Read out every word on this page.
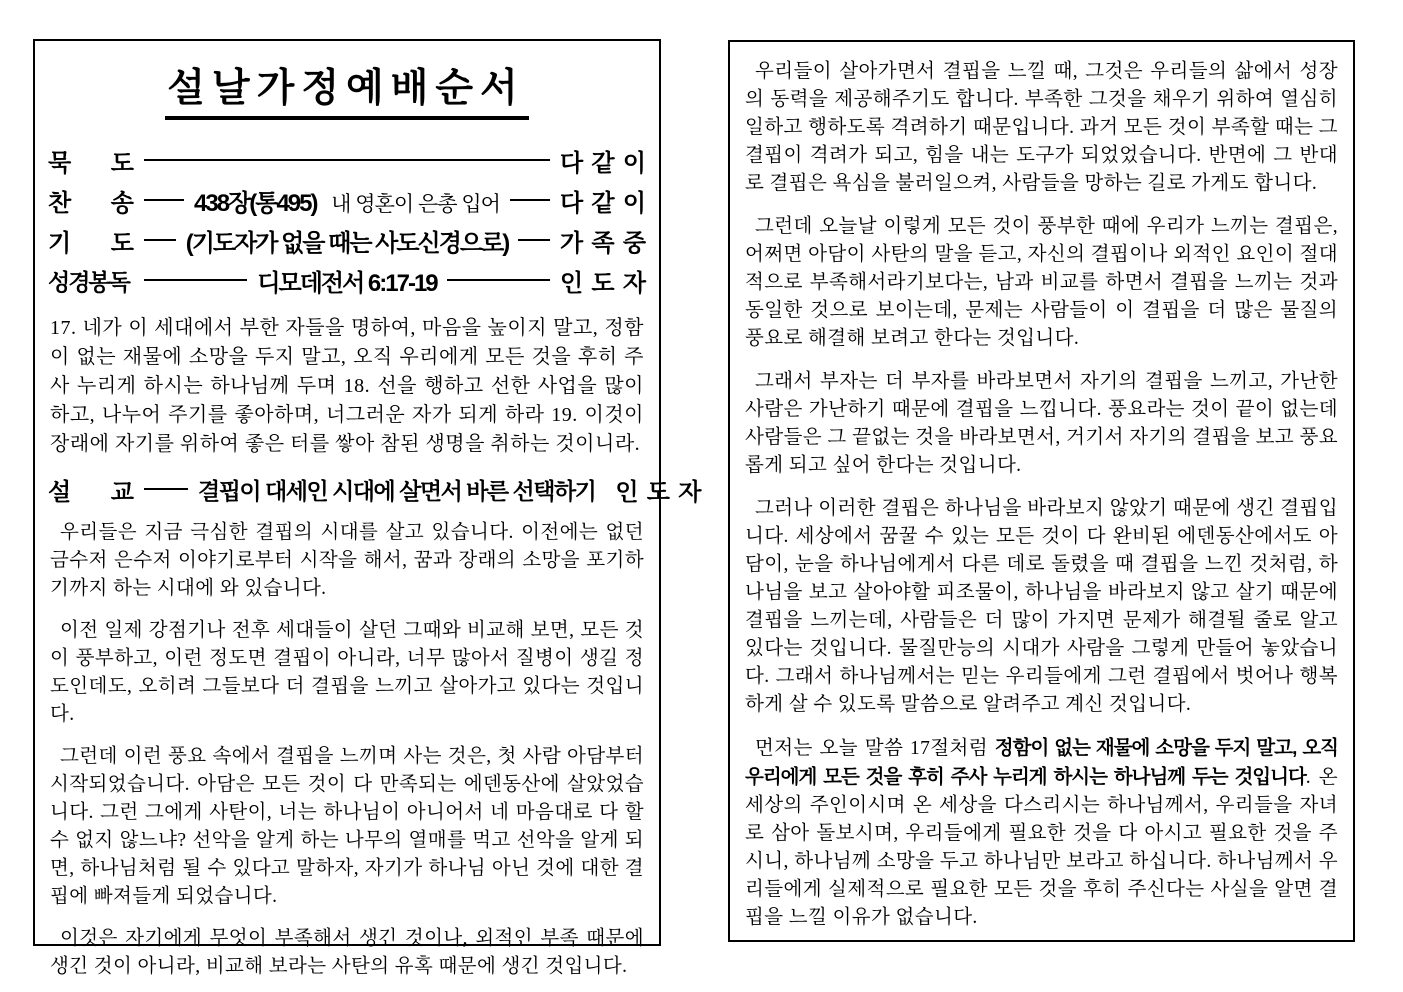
설날가정예배순서
묵 도	다 같 이
찬 송	438장(통495) 내 영혼이 은총 입어	다 같 이
기 도 (기도자가 없을 때는 사도신경으로) 가 족 중
성경봉독	디모데전서 6:17-19	인 도 자

17. 네가 이 세대에서 부한 자들을 명하여, 마음을 높이지 말고, 정함이 없는 재물에 소망을 두지 말고, 오직 우리에게 모든 것을 후히 주사 누리게 하시는 하나님께 두며 18. 선을 행하고 선한 사업을 많이 하고, 나누어 주기를 좋아하며, 너그러운 자가 되게 하라 19. 이것이 장래에 자기를 위하여 좋은 터를 쌓아 참된 생명을 취하는 것이니라.

설 교	결핍이 대세인 시대에 살면서 바른 선택하기 인 도 자

우리들은 지금 극심한 결핍의 시대를 살고 있습니다. 이전에는 없던 금수저 은수저 이야기로부터 시작을 해서, 꿈과 장래의 소망을 포기하기까지 하는 시대에 와 있습니다.

이전 일제 강점기나 전후 세대들이 살던 그때와 비교해 보면, 모든 것이 풍부하고, 이런 정도면 결핍이 아니라, 너무 많아서 질병이 생길 정도인데도, 오히려 그들보다 더 결핍을 느끼고 살아가고 있다는 것입니다.

그런데 이런 풍요 속에서 결핍을 느끼며 사는 것은, 첫 사람 아담부터 시작되었습니다. 아담은 모든 것이 다 만족되는 에덴동산에 살았었습니다. 그런 그에게 사탄이, 너는 하나님이 아니어서 네 마음대로 다 할 수 없지 않느냐? 선악을 알게 하는 나무의 열매를 먹고 선악을 알게 되면, 하나님처럼 될 수 있다고 말하자, 자기가 하나님 아닌 것에 대한 결핍에 빠져들게 되었습니다.

이것은 자기에게 무엇이 부족해서 생긴 것이나, 외적인 부족 때문에 생긴 것이 아니라, 비교해 보라는 사탄의 유혹 때문에 생긴 것입니다.

우리들이 살아가면서 결핍을 느낄 때, 그것은 우리들의 삶에서 성장의 동력을 제공해주기도 합니다. 부족한 그것을 채우기 위하여 열심히 일하고 행하도록 격려하기 때문입니다. 과거 모든 것이 부족할 때는 그 결핍이 격려가 되고, 힘을 내는 도구가 되었었습니다. 반면에 그 반대로 결핍은 욕심을 불러일으켜, 사람들을 망하는 길로 가게도 합니다.

그런데 오늘날 이렇게 모든 것이 풍부한 때에 우리가 느끼는 결핍은, 어쩌면 아담이 사탄의 말을 듣고, 자신의 결핍이나 외적인 요인이 절대적으로 부족해서라기보다는, 남과 비교를 하면서 결핍을 느끼는 것과 동일한 것으로 보이는데, 문제는 사람들이 이 결핍을 더 많은 물질의 풍요로 해결해 보려고 한다는 것입니다.

그래서 부자는 더 부자를 바라보면서 자기의 결핍을 느끼고, 가난한 사람은 가난하기 때문에 결핍을 느낍니다. 풍요라는 것이 끝이 없는데 사람들은 그 끝없는 것을 바라보면서, 거기서 자기의 결핍을 보고 풍요롭게 되고 싶어 한다는 것입니다.

그러나 이러한 결핍은 하나님을 바라보지 않았기 때문에 생긴 결핍입니다. 세상에서 꿈꿀 수 있는 모든 것이 다 완비된 에덴동산에서도 아담이, 눈을 하나님에게서 다른 데로 돌렸을 때 결핍을 느낀 것처럼, 하나님을 보고 살아야할 피조물이, 하나님을 바라보지 않고 살기 때문에 결핍을 느끼는데, 사람들은 더 많이 가지면 문제가 해결될 줄로 알고 있다는 것입니다. 물질만능의 시대가 사람을 그렇게 만들어 놓았습니다. 그래서 하나님께서는 믿는 우리들에게 그런 결핍에서 벗어나 행복하게 살 수 있도록 말씀으로 알려주고 계신 것입니다.

먼저는 오늘 말씀 17절처럼 정함이 없는 재물에 소망을 두지 말고, 오직 우리에게 모든 것을 후히 주사 누리게 하시는 하나님께 두는 것입니다. 온 세상의 주인이시며 온 세상을 다스리시는 하나님께서, 우리들을 자녀로 삼아 돌보시며, 우리들에게 필요한 것을 다 아시고 필요한 것을 주시니, 하나님께 소망을 두고 하나님만 보라고 하십니다. 하나님께서 우리들에게 실제적으로 필요한 모든 것을 후히 주신다는 사실을 알면 결핍을 느낄 이유가 없습니다.
